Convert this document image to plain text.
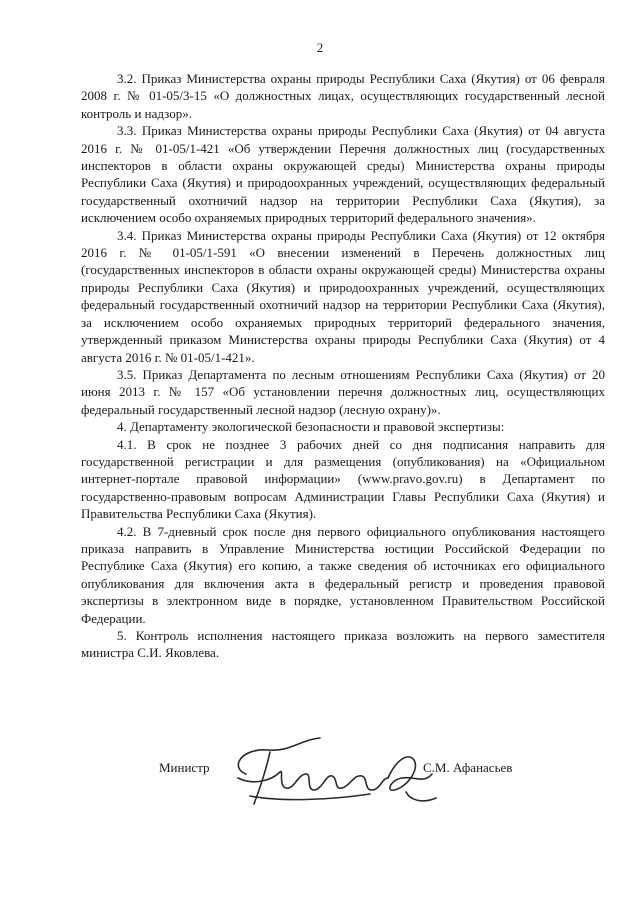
2

3.2. Приказ Министерства охраны природы Республики Саха (Якутия) от 06 февраля 2008 г. № 01-05/3-15 «О должностных лицах, осуществляющих государственный лесной контроль и надзор».

3.3. Приказ Министерства охраны природы Республики Саха (Якутия) от 04 августа 2016 г. № 01-05/1-421 «Об утверждении Перечня должностных лиц (государственных инспекторов в области охраны окружающей среды) Министерства охраны природы Республики Саха (Якутия) и природоохранных учреждений, осуществляющих федеральный государственный охотничий надзор на территории Республики Саха (Якутия), за исключением особо охраняемых природных территорий федерального значения».

3.4. Приказ Министерства охраны природы Республики Саха (Якутия) от 12 октября 2016 г. № 01-05/1-591 «О внесении изменений в Перечень должностных лиц (государственных инспекторов в области охраны окружающей среды) Министерства охраны природы Республики Саха (Якутия) и природоохранных учреждений, осуществляющих федеральный государственный охотничий надзор на территории Республики Саха (Якутия), за исключением особо охраняемых природных территорий федерального значения, утвержденный приказом Министерства охраны природы Республики Саха (Якутия) от 4 августа 2016 г. № 01-05/1-421».

3.5. Приказ Департамента по лесным отношениям Республики Саха (Якутия) от 20 июня 2013 г. № 157 «Об установлении перечня должностных лиц, осуществляющих федеральный государственный лесной надзор (лесную охрану)».

4. Департаменту экологической безопасности и правовой экспертизы:

4.1. В срок не позднее 3 рабочих дней со дня подписания направить для государственной регистрации и для размещения (опубликования) на «Официальном интернет-портале правовой информации» (www.pravo.gov.ru) в Департамент по государственно-правовым вопросам Администрации Главы Республики Саха (Якутия) и Правительства Республики Саха (Якутия).

4.2. В 7-дневный срок после дня первого официального опубликования настоящего приказа направить в Управление Министерства юстиции Российской Федерации по Республике Саха (Якутия) его копию, а также сведения об источниках его официального опубликования для включения акта в федеральный регистр и проведения правовой экспертизы в электронном виде в порядке, установленном Правительством Российской Федерации.

5. Контроль исполнения настоящего приказа возложить на первого заместителя министра С.И. Яковлева.

Министр	С.М. Афанасьев
